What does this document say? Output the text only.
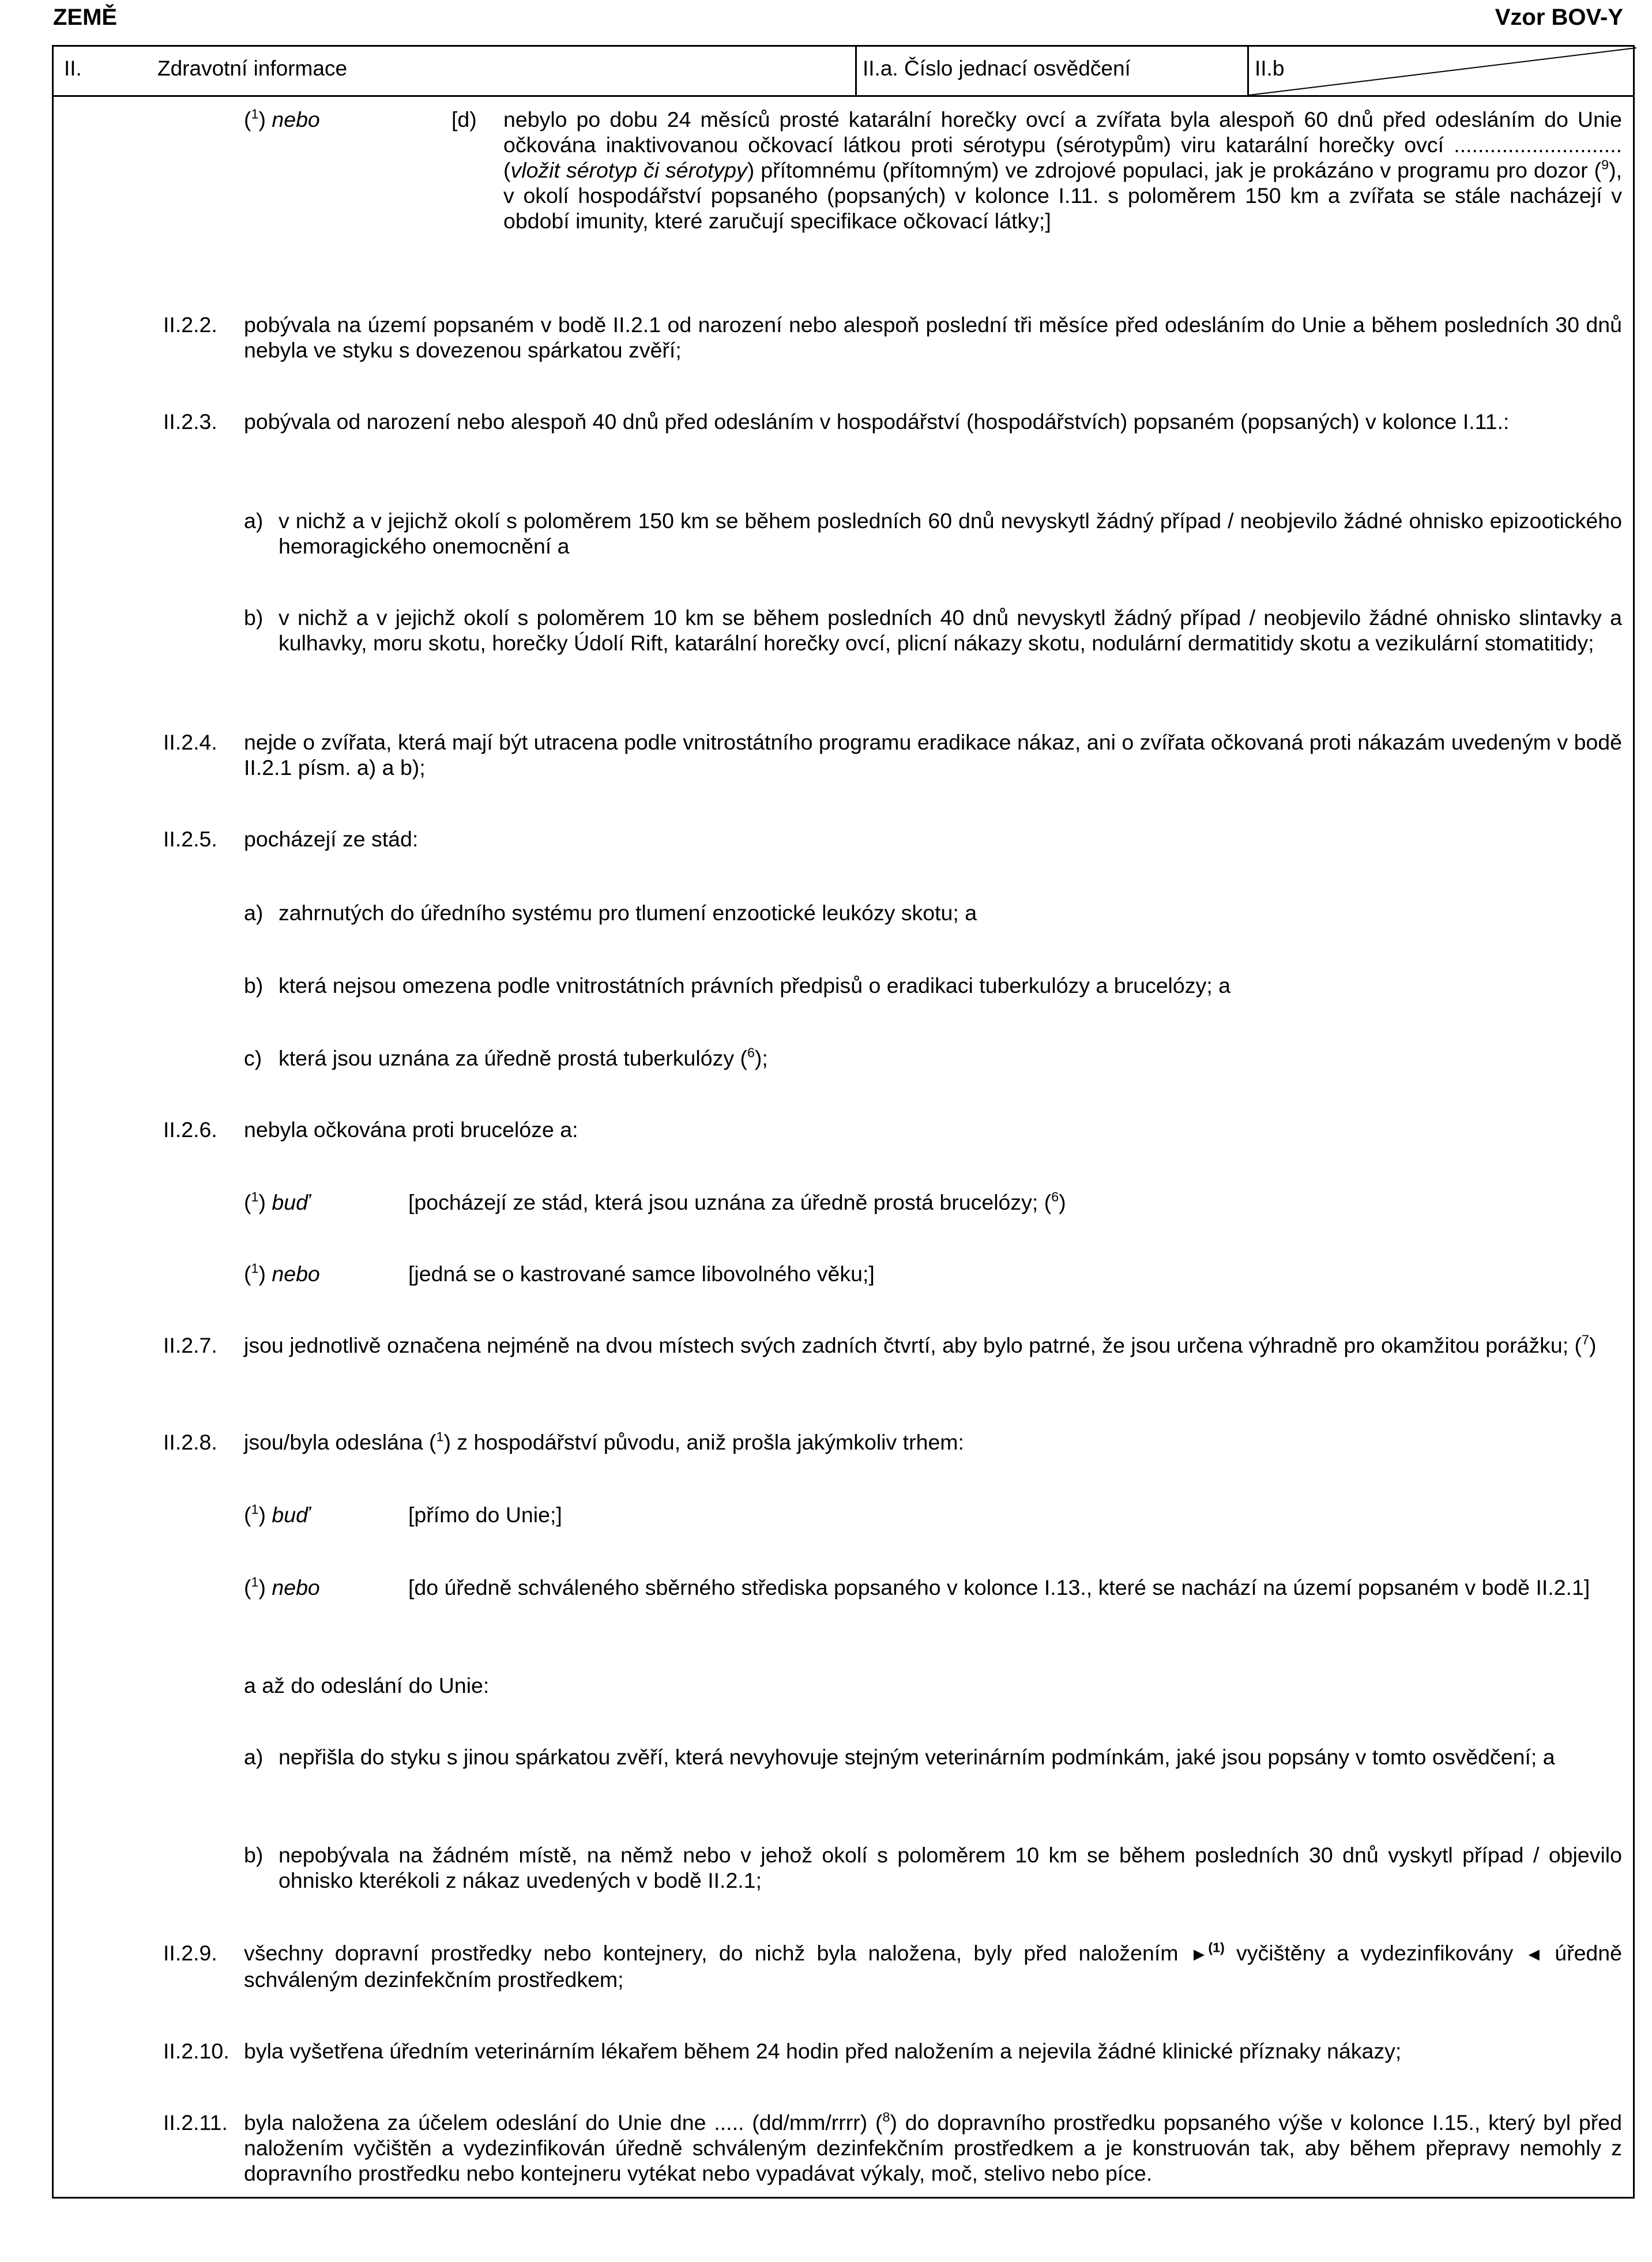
ZEMĚ	Vzor BOV-Y
II.	Zdravotní informace	II.a. Číslo jednací osvědčení	II.b
($^1$) nebo	[d) nebylo po dobu 24 měsíců prosté katarální horečky ovcí a zvířata byla alespoň 60 dnů před odesláním do Unie očkována inaktivovanou očkovací látkou proti sérotypu (sérotypům) viru katarální horečky ovcí ............................ (vložit sérotyp či sérotypy) přítomnému (přítomným) ve zdrojové populaci, jak je prokázáno v programu pro dozor ($^9$), v okolí hospodářství popsaného (popsaných) v kolonce I.11. s poloměrem 150 km a zvířata se stále nacházejí v období imunity, které zaručují specifikace očkovací látky;]
II.2.2. pobývala na území popsaném v bodě II.2.1 od narození nebo alespoň poslední tři měsíce před odesláním do Unie a během posledních 30 dnů nebyla ve styku s dovezenou spárkatou zvěří;
II.2.3. pobývala od narození nebo alespoň 40 dnů před odesláním v hospodářství (hospodářstvích) popsaném (popsaných) v kolonce I.11.:
a) v nichž a v jejichž okolí s poloměrem 150 km se během posledních 60 dnů nevyskytl žádný případ / neobjevilo žádné ohnisko epizootického hemoragického onemocnění a
b) v nichž a v jejichž okolí s poloměrem 10 km se během posledních 40 dnů nevyskytl žádný případ / neobjevilo žádné ohnisko slintavky a kulhavky, moru skotu, horečky Údolí Rift, katarální horečky ovcí, plicní nákazy skotu, nodulární dermatitidy skotu a vezikulární stomatitidy;
II.2.4. nejde o zvířata, která mají být utracena podle vnitrostátního programu eradikace nákaz, ani o zvířata očkovaná proti nákazám uvedeným v bodě II.2.1 písm. a) a b);
II.2.5. pocházejí ze stád:
a) zahrnutých do úředního systému pro tlumení enzootické leukózy skotu; a
b) která nejsou omezena podle vnitrostátních právních předpisů o eradikaci tuberkulózy a brucelózy; a
c) která jsou uznána za úředně prostá tuberkulózy ($^6$);
II.2.6. nebyla očkována proti brucelóze a:
($^1$) buď	[pocházejí ze stád, která jsou uznána za úředně prostá brucelózy; ($^6$)
($^1$) nebo	[jedná se o kastrované samce libovolného věku;]
II.2.7. jsou jednotlivě označena nejméně na dvou místech svých zadních čtvrtí, aby bylo patrné, že jsou určena výhradně pro okamžitou porážku; ($^7$)
II.2.8. jsou/byla odeslána ($^1$) z hospodářství původu, aniž prošla jakýmkoliv trhem:
($^1$) buď	[přímo do Unie;]
($^1$) nebo	[do úředně schváleného sběrného střediska popsaného v kolonce I.13., které se nachází na území popsaném v bodě II.2.1]
a až do odeslání do Unie:
a) nepřišla do styku s jinou spárkatou zvěří, která nevyhovuje stejným veterinárním podmínkám, jaké jsou popsány v tomto osvědčení; a
b) nepobývala na žádném místě, na němž nebo v jehož okolí s poloměrem 10 km se během posledních 30 dnů vyskytl případ / objevilo ohnisko kterékoli z nákaz uvedených v bodě II.2.1;
II.2.9. všechny dopravní prostředky nebo kontejnery, do nichž byla naložena, byly před naložením ►$^{(1)}$ vyčištěny a vydezinfikovány ◄ úředně schváleným dezinfekčním prostředkem;
II.2.10. byla vyšetřena úředním veterinárním lékařem během 24 hodin před naložením a nejevila žádné klinické příznaky nákazy;
II.2.11. byla naložena za účelem odeslání do Unie dne ..... (dd/mm/rrrr) ($^8$) do dopravního prostředku popsaného výše v kolonce I.15., který byl před naložením vyčištěn a vydezinfikován úředně schváleným dezinfekčním prostředkem a je konstruován tak, aby během přepravy nemohly z dopravního prostředku nebo kontejneru vytékat nebo vypadávat výkaly, moč, stelivo nebo píce.
